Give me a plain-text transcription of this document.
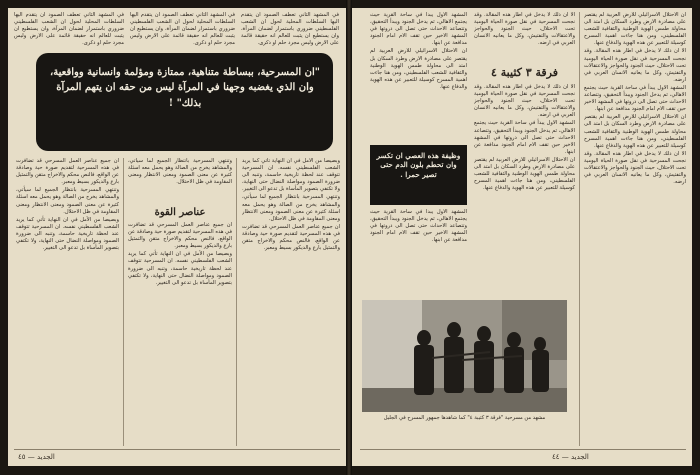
في المشهد الثاني تعطف الصمود ان يتقدم اليها السلطات المحلية لحول ان الشعب الفلسطيني ضروري باستمرار لضمان المرآة، وان يستطيع ان يثبت للعالم انه حقيقة قائمة على الارض وليس مجرد حلم او ذكرى.

في المشهد الثاني تعطف الصمود ان يتقدم اليها السلطات المحلية لحول ان الشعب الفلسطيني ضروري باستمرار لضمان المرآة، وان يستطيع ان يثبت للعالم انه حقيقة قائمة على الارض وليس مجرد حلم او ذكرى.

في المشهد الثاني تعطف الصمود ان يتقدم اليها السلطات المحلية لحول ان الشعب الفلسطيني ضروري باستمرار لضمان المرآة، وان يستطيع ان يثبت للعالم انه حقيقة قائمة على الارض وليس مجرد حلم او ذكرى.

"ان المسرحية، ببساطة متناهية، ممتازة ومؤلمة وانسانية وواقعية، وان الذي يغضبه وجهنا في المرآة ليس من حقه ان يتهم المرآة بذلك" !

وبصيصا من الأمل في ان النهاية تأتي كما يريد الشعب الفلسطيني نفسه. ان المسرحية تتوقف عند لحظة تاريخية حاسمة، وتنبه الى ضرورة الصمود ومواصلة النضال حتى النهاية، ولا تكتفي بتصوير المأساة بل تدعو الى التغيير.

وتنتهي المسرحية بانتظار الجميع لما سيأتي، والمشاهد يخرج من الصالة وهو يحمل معه اسئلة كثيرة عن معنى الصمود ومعنى الانتظار ومعنى المقاومة في ظل الاحتلال.

ان جميع عناصر العمل المسرحي قد تضافرت في هذه المسرحية لتقديم صورة حية وصادقة عن الواقع، فالنص محكم والاخراج متقن والتمثيل بارع والديكور بسيط ومعبر.

وتنتهي المسرحية بانتظار الجميع لما سيأتي، والمشاهد يخرج من الصالة وهو يحمل معه اسئلة كثيرة عن معنى الصمود ومعنى الانتظار ومعنى المقاومة في ظل الاحتلال.

عناصر القوة

ان جميع عناصر العمل المسرحي قد تضافرت في هذه المسرحية لتقديم صورة حية وصادقة عن الواقع، فالنص محكم والاخراج متقن والتمثيل بارع والديكور بسيط ومعبر.

وبصيصا من الأمل في ان النهاية تأتي كما يريد الشعب الفلسطيني نفسه. ان المسرحية تتوقف عند لحظة تاريخية حاسمة، وتنبه الى ضرورة الصمود ومواصلة النضال حتى النهاية، ولا تكتفي بتصوير المأساة بل تدعو الى التغيير.

ان جميع عناصر العمل المسرحي قد تضافرت في هذه المسرحية لتقديم صورة حية وصادقة عن الواقع، فالنص محكم والاخراج متقن والتمثيل بارع والديكور بسيط ومعبر.

وتنتهي المسرحية بانتظار الجميع لما سيأتي، والمشاهد يخرج من الصالة وهو يحمل معه اسئلة كثيرة عن معنى الصمود ومعنى الانتظار ومعنى المقاومة في ظل الاحتلال.

وبصيصا من الأمل في ان النهاية تأتي كما يريد الشعب الفلسطيني نفسه. ان المسرحية تتوقف عند لحظة تاريخية حاسمة، وتنبه الى ضرورة الصمود ومواصلة النضال حتى النهاية، ولا تكتفي بتصوير المأساة بل تدعو الى التغيير.

الجديد — ٤٥

ان الاحتلال الاسرائيلي للارض العربية لم يقتصر على مصادرة الارض وطرد السكان بل امتد الى محاولة طمس الهوية الوطنية والثقافية للشعب الفلسطيني، ومن هنا جاءت اهمية المسرح كوسيلة للتعبير عن هذه الهوية والدفاع عنها.

الا ان ذلك لا يدخل في اطار هذه المقالة. وقد نجحت المسرحية في نقل صورة الحياة اليومية تحت الاحتلال، حيث الجنود والحواجز والاعتقالات والتفتيش، وكل ما يعانيه الانسان العربي في ارضه.

المشهد الاول يبدأ في ساحة القرية حيث يجتمع الاهالي، ثم يدخل الجنود ويبدأ التحقيق، وتتصاعد الاحداث حتى تصل الى ذروتها في المشهد الاخير حين تقف الام امام الجنود مدافعة عن ابنها.

ان الاحتلال الاسرائيلي للارض العربية لم يقتصر على مصادرة الارض وطرد السكان بل امتد الى محاولة طمس الهوية الوطنية والثقافية للشعب الفلسطيني، ومن هنا جاءت اهمية المسرح كوسيلة للتعبير عن هذه الهوية والدفاع عنها.

الا ان ذلك لا يدخل في اطار هذه المقالة. وقد نجحت المسرحية في نقل صورة الحياة اليومية تحت الاحتلال، حيث الجنود والحواجز والاعتقالات والتفتيش، وكل ما يعانيه الانسان العربي في ارضه.

الا ان ذلك لا يدخل في اطار هذه المقالة. وقد نجحت المسرحية في نقل صورة الحياة اليومية تحت الاحتلال، حيث الجنود والحواجز والاعتقالات والتفتيش، وكل ما يعانيه الانسان العربي في ارضه.

فرقة ٣ كثيبة ٤

الا ان ذلك لا يدخل في اطار هذه المقالة. وقد نجحت المسرحية في نقل صورة الحياة اليومية تحت الاحتلال، حيث الجنود والحواجز والاعتقالات والتفتيش، وكل ما يعانيه الانسان العربي في ارضه.

المشهد الاول يبدأ في ساحة القرية حيث يجتمع الاهالي، ثم يدخل الجنود ويبدأ التحقيق، وتتصاعد الاحداث حتى تصل الى ذروتها في المشهد الاخير حين تقف الام امام الجنود مدافعة عن ابنها.

ان الاحتلال الاسرائيلي للارض العربية لم يقتصر على مصادرة الارض وطرد السكان بل امتد الى محاولة طمس الهوية الوطنية والثقافية للشعب الفلسطيني، ومن هنا جاءت اهمية المسرح كوسيلة للتعبير عن هذه الهوية والدفاع عنها.

المشهد الاول يبدأ في ساحة القرية حيث يجتمع الاهالي، ثم يدخل الجنود ويبدأ التحقيق، وتتصاعد الاحداث حتى تصل الى ذروتها في المشهد الاخير حين تقف الام امام الجنود مدافعة عن ابنها.

ان الاحتلال الاسرائيلي للارض العربية لم يقتصر على مصادرة الارض وطرد السكان بل امتد الى محاولة طمس الهوية الوطنية والثقافية للشعب الفلسطيني، ومن هنا جاءت اهمية المسرح كوسيلة للتعبير عن هذه الهوية والدفاع عنها.

وظيفة هذه العصي ان تكسر وان تحطم بلون الدم حتى تصير حمرا .

المشهد الاول يبدأ في ساحة القرية حيث يجتمع الاهالي، ثم يدخل الجنود ويبدأ التحقيق، وتتصاعد الاحداث حتى تصل الى ذروتها في المشهد الاخير حين تقف الام امام الجنود مدافعة عن ابنها.

مشهد من مسرحية "فرقة ٣ كثيبة ٤" كما شاهدها جمهور المسرح في الجليل
الجديد — ٤٤
